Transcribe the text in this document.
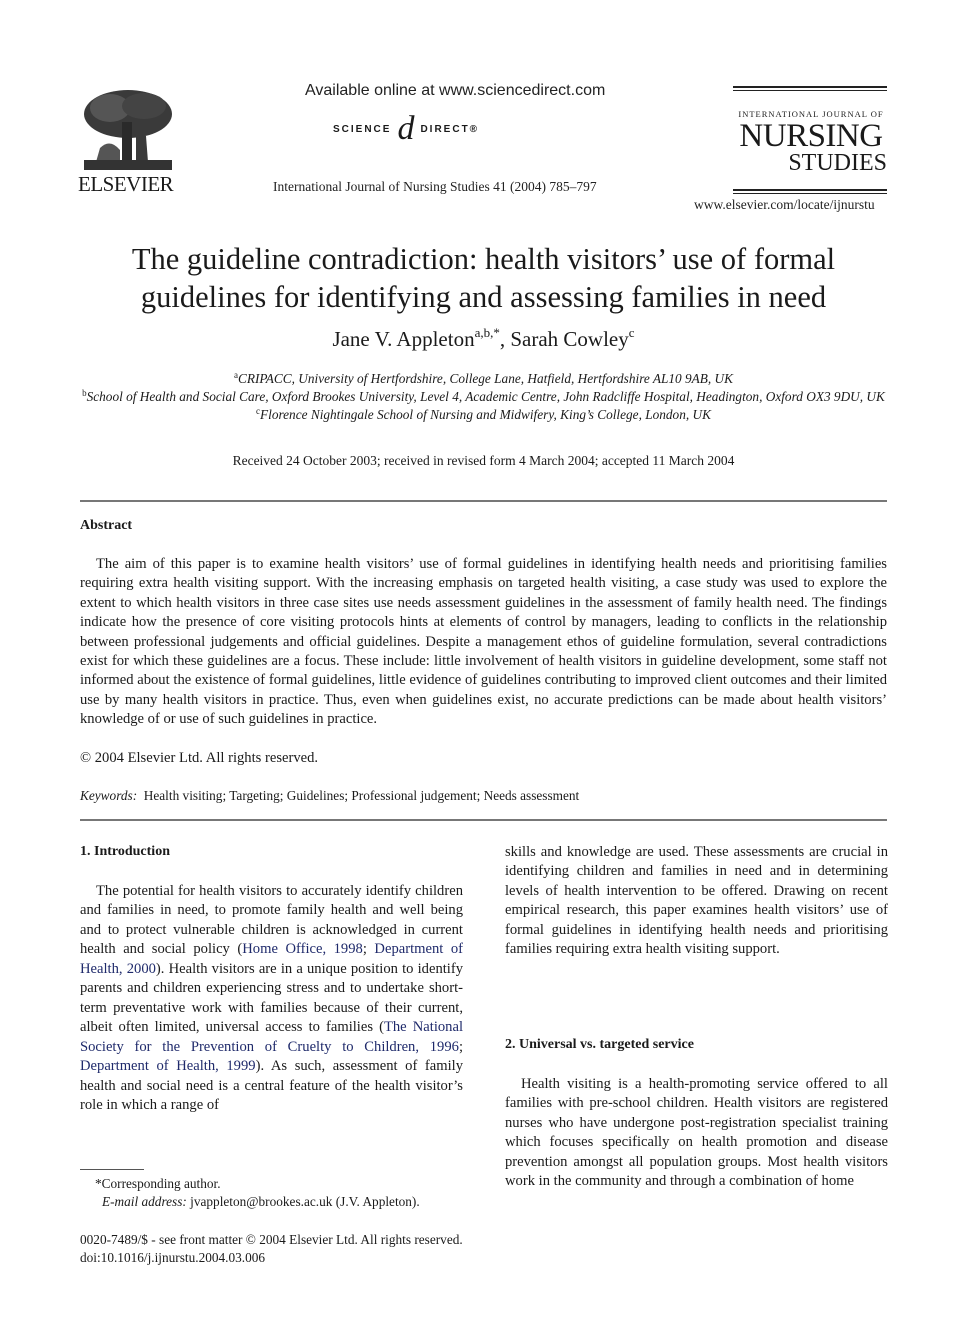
ELSEVIER
Available online at www.sciencedirect.com
SCIENCE d DIRECT®
International Journal of Nursing Studies 41 (2004) 785–797
INTERNATIONAL JOURNAL OF
NURSING
STUDIES
www.elsevier.com/locate/ijnurstu
The guideline contradiction: health visitors’ use of formal
guidelines for identifying and assessing families in need
Jane V. Appleton$^{a,b,*}$, Sarah Cowley$^c$
$^a$CRIPACC, University of Hertfordshire, College Lane, Hatfield, Hertfordshire AL10 9AB, UK
$^b$School of Health and Social Care, Oxford Brookes University, Level 4, Academic Centre, John Radcliffe Hospital, Headington, Oxford OX3 9DU, UK
$^c$Florence Nightingale School of Nursing and Midwifery, King’s College, London, UK
Received 24 October 2003; received in revised form 4 March 2004; accepted 11 March 2004
Abstract

The aim of this paper is to examine health visitors’ use of formal guidelines in identifying health needs and prioritising families requiring extra health visiting support. With the increasing emphasis on targeted health visiting, a case study was used to explore the extent to which health visitors in three case sites use needs assessment guidelines in the assessment of family health need. The findings indicate how the presence of core visiting protocols hints at elements of control by managers, leading to conflicts in the relationship between professional judgements and official guidelines. Despite a management ethos of guideline formulation, several contradictions exist for which these guidelines are a focus. These include: little involvement of health visitors in guideline development, some staff not informed about the existence of formal guidelines, little evidence of guidelines contributing to improved client outcomes and their limited use by many health visitors in practice. Thus, even when guidelines exist, no accurate predictions can be made about health visitors’ knowledge of or use of such guidelines in practice.

© 2004 Elsevier Ltd. All rights reserved.
Keywords: Health visiting; Targeting; Guidelines; Professional judgement; Needs assessment
1. Introduction

The potential for health visitors to accurately identify children and families in need, to promote family health and well being and to protect vulnerable children is acknowledged in current health and social policy (Home Office, 1998; Department of Health, 2000). Health visitors are in a unique position to identify parents and children experiencing stress and to undertake short-term preventative work with families because of their current, albeit often limited, universal access to families (The National Society for the Prevention of Cruelty to Children, 1996; Department of Health, 1999). As such, assessment of family health and social need is a central feature of the health visitor’s role in which a range of

*Corresponding author.
E-mail address: jvappleton@brookes.ac.uk (J.V. Appleton).
0020-7489/$ - see front matter © 2004 Elsevier Ltd. All rights reserved.
doi:10.1016/j.ijnurstu.2004.03.006

skills and knowledge are used. These assessments are crucial in identifying children and families in need and in determining levels of health intervention to be offered. Drawing on recent empirical research, this paper examines health visitors’ use of formal guidelines in identifying health needs and prioritising families requiring extra health visiting support.

2. Universal vs. targeted service

Health visiting is a health-promoting service offered to all families with pre-school children. Health visitors are registered nurses who have undergone post-registration specialist training which focuses specifically on health promotion and disease prevention amongst all population groups. Most health visitors work in the community and through a combination of home
